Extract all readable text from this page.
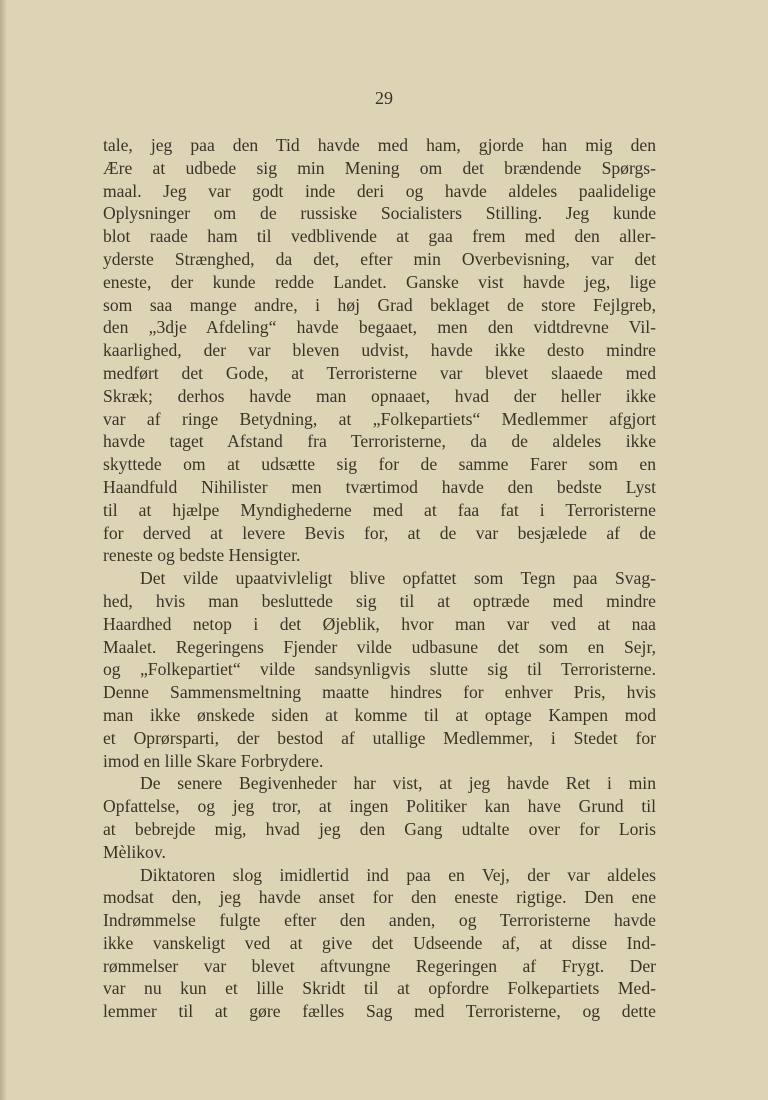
29
tale, jeg paa den Tid havde med ham, gjorde han mig den
Ære at udbede sig min Mening om det brændende Spørgs-
maal. Jeg var godt inde deri og havde aldeles paalidelige
Oplysninger om de russiske Socialisters Stilling. Jeg kunde
blot raade ham til vedblivende at gaa frem med den aller-
yderste Strænghed, da det, efter min Overbevisning, var det
eneste, der kunde redde Landet. Ganske vist havde jeg, lige
som saa mange andre, i høj Grad beklaget de store Fejlgreb,
den „3dje Afdeling“ havde begaaet, men den vidtdrevne Vil-
kaarlighed, der var bleven udvist, havde ikke desto mindre
medført det Gode, at Terroristerne var blevet slaaede med
Skræk; derhos havde man opnaaet, hvad der heller ikke
var af ringe Betydning, at „Folkepartiets“ Medlemmer afgjort
havde taget Afstand fra Terroristerne, da de aldeles ikke
skyttede om at udsætte sig for de samme Farer som en
Haandfuld Nihilister men tværtimod havde den bedste Lyst
til at hjælpe Myndighederne med at faa fat i Terroristerne
for derved at levere Bevis for, at de var besjælede af de
reneste og bedste Hensigter.
Det vilde upaatvivleligt blive opfattet som Tegn paa Svag-
hed, hvis man besluttede sig til at optræde med mindre
Haardhed netop i det Øjeblik, hvor man var ved at naa
Maalet. Regeringens Fjender vilde udbasune det som en Sejr,
og „Folkepartiet“ vilde sandsynligvis slutte sig til Terroristerne.
Denne Sammensmeltning maatte hindres for enhver Pris, hvis
man ikke ønskede siden at komme til at optage Kampen mod
et Oprørsparti, der bestod af utallige Medlemmer, i Stedet for
imod en lille Skare Forbrydere.
De senere Begivenheder har vist, at jeg havde Ret i min
Opfattelse, og jeg tror, at ingen Politiker kan have Grund til
at bebrejde mig, hvad jeg den Gang udtalte over for Loris
Mèlikov.
Diktatoren slog imidlertid ind paa en Vej, der var aldeles
modsat den, jeg havde anset for den eneste rigtige. Den ene
Indrømmelse fulgte efter den anden, og Terroristerne havde
ikke vanskeligt ved at give det Udseende af, at disse Ind-
rømmelser var blevet aftvungne Regeringen af Frygt. Der
var nu kun et lille Skridt til at opfordre Folkepartiets Med-
lemmer til at gøre fælles Sag med Terroristerne, og dette
